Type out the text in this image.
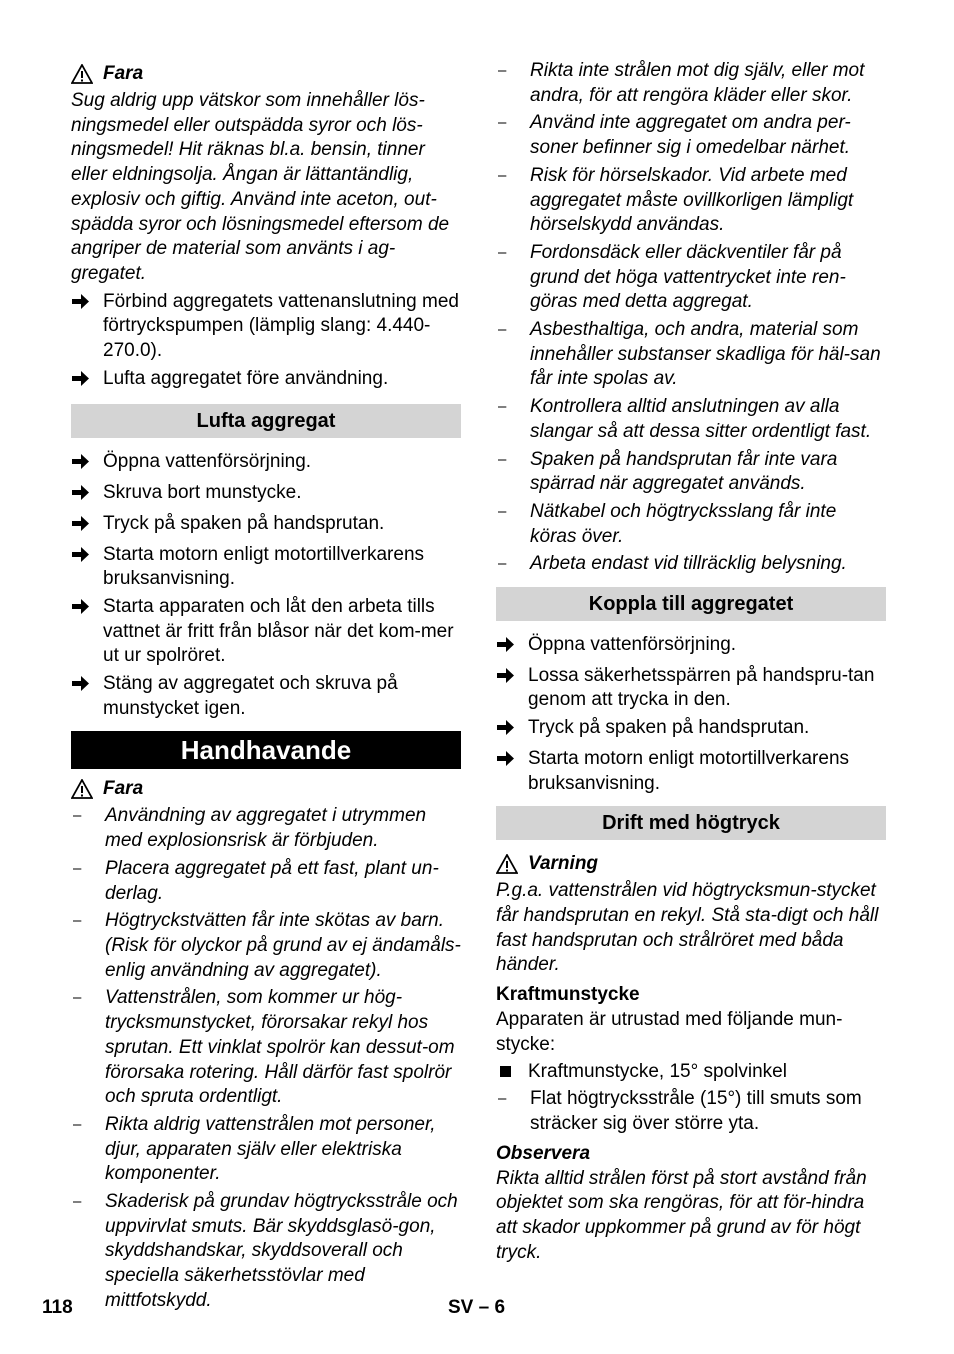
Fara

Sug aldrig upp vätskor som innehåller lös-ningsmedel eller outspädda syror och lös-ningsmedel! Hit räknas bl.a. bensin, tinner eller eldningsolja. Ångan är lättantändlig, explosiv och giftig. Använd inte aceton, out-spädda syror och lösningsmedel eftersom de angriper de material som använts i ag-gregatet.

Förbind aggregatets vattenanslutning med förtryckspumpen (lämplig slang: 4.440-270.0).
Lufta aggregatet före användning.
Lufta aggregat
Öppna vattenförsörjning.
Skruva bort munstycke.
Tryck på spaken på handsprutan.
Starta motorn enligt motortillverkarens bruksanvisning.
Starta apparaten och låt den arbeta tills vattnet är fritt från blåsor när det kom-mer ut ur spolröret.
Stäng av aggregatet och skruva på munstycket igen.
Handhavande
Fara
–	Användning av aggregatet i utrymmen med explosionsrisk är förbjuden.
–	Placera aggregatet på ett fast, plant un-derlag.
–	Högtryckstvätten får inte skötas av barn. (Risk för olyckor på grund av ej ändamåls-enlig användning av aggregatet).
–	Vattenstrålen, som kommer ur hög-trycksmunstycket, förorsakar rekyl hos sprutan. Ett vinklat spolrör kan dessut-om förorsaka rotering. Håll därför fast spolrör och spruta ordentligt.
–	Rikta aldrig vattenstrålen mot personer, djur, apparaten själv eller elektriska komponenter.
–	Skaderisk på grundav högtrycksstråle och uppvirvlat smuts. Bär skyddsglasö-gon, skyddshandskar, skyddsoverall och speciella säkerhetsstövlar med mittfotskydd.
–	Rikta inte strålen mot dig själv, eller mot andra, för att rengöra kläder eller skor.
–	Använd inte aggregatet om andra per-soner befinner sig i omedelbar närhet.
–	Risk för hörselskador. Vid arbete med aggregatet måste ovillkorligen lämpligt hörselskydd användas.
–	Fordonsdäck eller däckventiler får på grund det höga vattentrycket inte ren-göras med detta aggregat.
–	Asbesthaltiga, och andra, material som innehåller substanser skadliga för häl-san får inte spolas av.
–	Kontrollera alltid anslutningen av alla slangar så att dessa sitter ordentligt fast.
–	Spaken på handsprutan får inte vara spärrad när aggregatet används.
–	Nätkabel och högtrycksslang får inte köras över.
–	Arbeta endast vid tillräcklig belysning.
Koppla till aggregatet
Öppna vattenförsörjning.
Lossa säkerhetsspärren på handspru-tan genom att trycka in den.
Tryck på spaken på handsprutan.
Starta motorn enligt motortillverkarens bruksanvisning.
Drift med högtryck
Varning

P.g.a. vattenstrålen vid högtrycksmun-stycket får handsprutan en rekyl. Stå sta-digt och håll fast handsprutan och strålröret med båda händer.

Kraftmunstycke

Apparaten är utrustad med följande mun-stycke:

Kraftmunstycke, 15° spolvinkel
–	Flat högtrycksstråle (15°) till smuts som sträcker sig över större yta.
Observera

Rikta alltid strålen först på stort avstånd från objektet som ska rengöras, för att för-hindra att skador uppkommer på grund av för högt tryck.

118	SV – 6
